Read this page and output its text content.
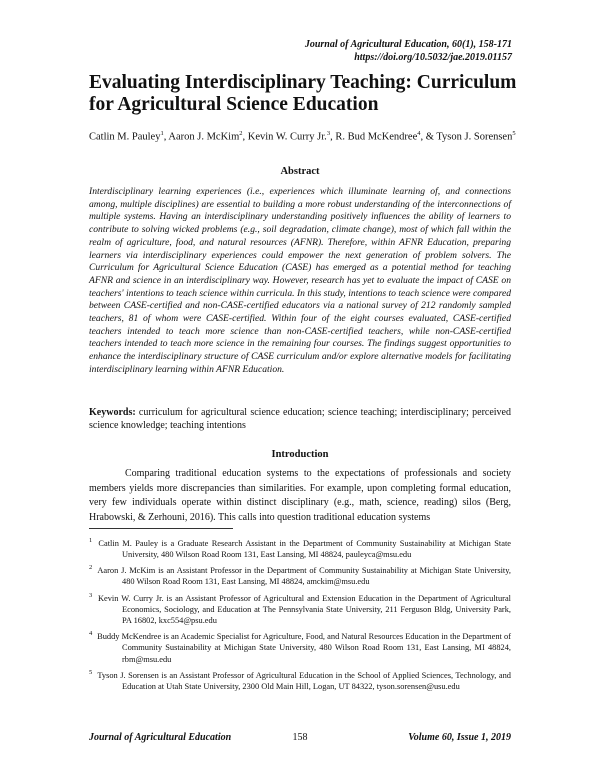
Journal of Agricultural Education, 60(1), 158-171
https://doi.org/10.5032/jae.2019.01157
Evaluating Interdisciplinary Teaching: Curriculum for Agricultural Science Education
Catlin M. Pauley$^1$, Aaron J. McKim$^2$, Kevin W. Curry Jr.$^3$, R. Bud McKendree$^4$, & Tyson J. Sorensen$^5$
Abstract

Interdisciplinary learning experiences (i.e., experiences which illuminate learning of, and connections among, multiple disciplines) are essential to building a more robust understanding of the interconnections of multiple systems. Having an interdisciplinary understanding positively influences the ability of learners to contribute to solving wicked problems (e.g., soil degradation, climate change), most of which fall within the realm of agriculture, food, and natural resources (AFNR). Therefore, within AFNR Education, preparing learners via interdisciplinary experiences could empower the next generation of problem solvers. The Curriculum for Agricultural Science Education (CASE) has emerged as a potential method for teaching AFNR and science in an interdisciplinary way. However, research has yet to evaluate the impact of CASE on teachers' intentions to teach science within curricula. In this study, intentions to teach science were compared between CASE-certified and non-CASE-certified educators via a national survey of 212 randomly sampled teachers, 81 of whom were CASE-certified. Within four of the eight courses evaluated, CASE-certified teachers intended to teach more science than non-CASE-certified teachers, while non-CASE-certified teachers intended to teach more science in the remaining four courses. The findings suggest opportunities to enhance the interdisciplinary structure of CASE curriculum and/or explore alternative models for facilitating interdisciplinary learning within AFNR Education.

Keywords: curriculum for agricultural science education; science teaching; interdisciplinary; perceived science knowledge; teaching intentions

Introduction

Comparing traditional education systems to the expectations of professionals and society members yields more discrepancies than similarities. For example, upon completing formal education, very few individuals operate within distinct disciplinary (e.g., math, science, reading) silos (Berg, Hrabowski, & Zerhouni, 2016). This calls into question traditional education systems

$^1$ Catlin M. Pauley is a Graduate Research Assistant in the Department of Community Sustainability at Michigan State University, 480 Wilson Road Room 131, East Lansing, MI 48824, pauleyca@msu.edu
$^2$ Aaron J. McKim is an Assistant Professor in the Department of Community Sustainability at Michigan State University, 480 Wilson Road Room 131, East Lansing, MI 48824, amckim@msu.edu
$^3$ Kevin W. Curry Jr. is an Assistant Professor of Agricultural and Extension Education in the Department of Agricultural Economics, Sociology, and Education at The Pennsylvania State University, 211 Ferguson Bldg, University Park, PA 16802, kxc554@psu.edu
$^4$ Buddy McKendree is an Academic Specialist for Agriculture, Food, and Natural Resources Education in the Department of Community Sustainability at Michigan State University, 480 Wilson Road Room 131, East Lansing, MI 48824, rbm@msu.edu
$^5$ Tyson J. Sorensen is an Assistant Professor of Agricultural Education in the School of Applied Sciences, Technology, and Education at Utah State University, 2300 Old Main Hill, Logan, UT 84322, tyson.sorensen@usu.edu
Journal of Agricultural Education	158	Volume 60, Issue 1, 2019
